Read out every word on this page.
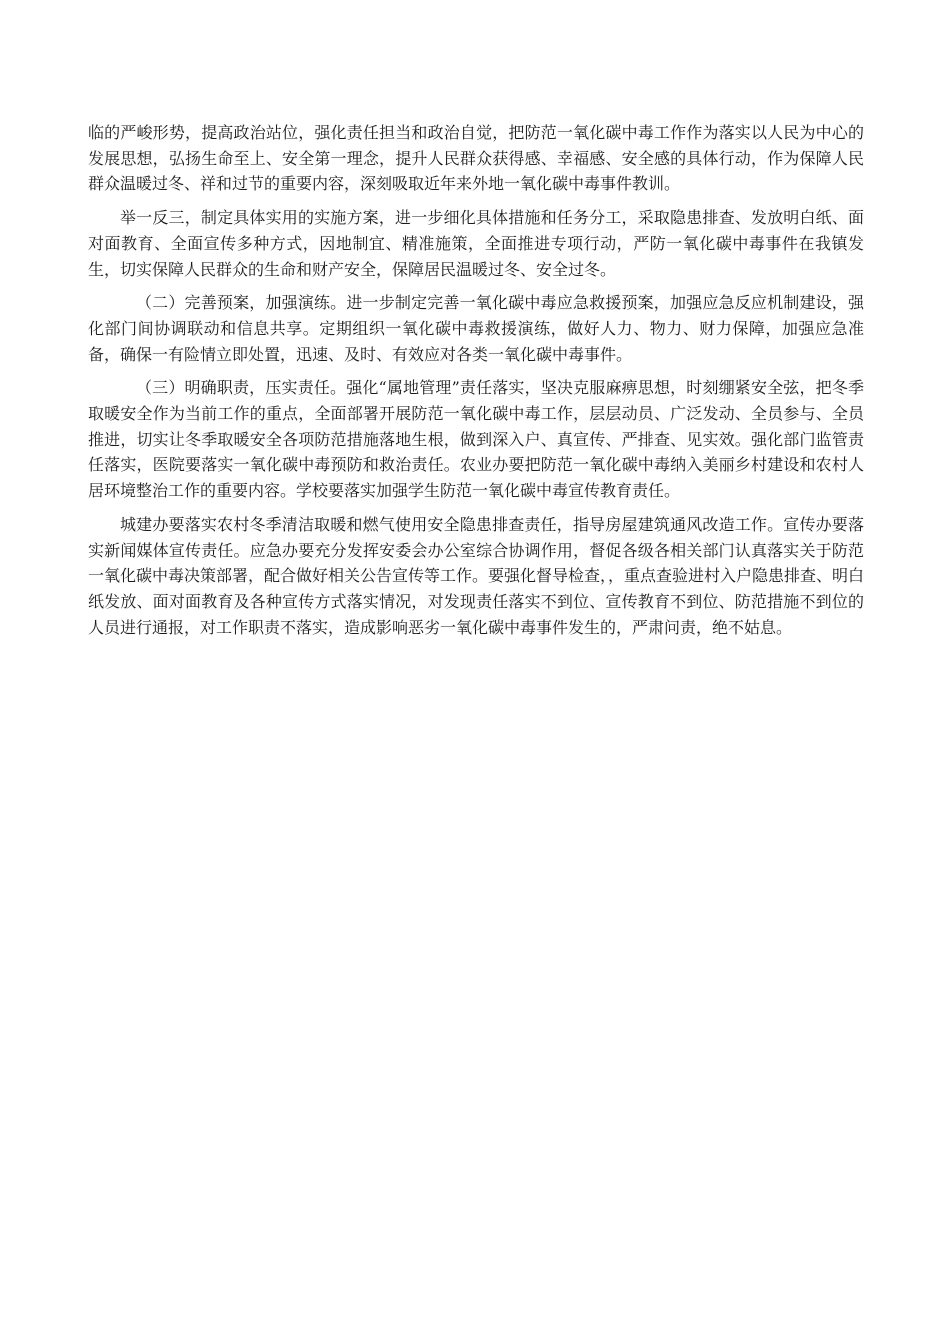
临的严峻形势，提高政治站位，强化责任担当和政治自觉，把防范一氧化碳中毒工作作为落实以人民为中心的发展思想，弘扬生命至上、安全第一理念，提升人民群众获得感、幸福感、安全感的具体行动，作为保障人民群众温暖过冬、祥和过节的重要内容，深刻吸取近年来外地一氧化碳中毒事件教训。

举一反三，制定具体实用的实施方案，进一步细化具体措施和任务分工，采取隐患排查、发放明白纸、面对面教育、全面宣传多种方式，因地制宜、精准施策，全面推进专项行动，严防一氧化碳中毒事件在我镇发生，切实保障人民群众的生命和财产安全，保障居民温暖过冬、安全过冬。

（二）完善预案，加强演练。进一步制定完善一氧化碳中毒应急救援预案，加强应急反应机制建设，强化部门间协调联动和信息共享。定期组织一氧化碳中毒救援演练，做好人力、物力、财力保障，加强应急准备，确保一有险情立即处置，迅速、及时、有效应对各类一氧化碳中毒事件。

（三）明确职责，压实责任。强化“属地管理”责任落实，坚决克服麻痹思想，时刻绷紧安全弦，把冬季取暖安全作为当前工作的重点，全面部署开展防范一氧化碳中毒工作，层层动员、广泛发动、全员参与、全员推进，切实让冬季取暖安全各项防范措施落地生根，做到深入户、真宣传、严排查、见实效。强化部门监管责任落实，医院要落实一氧化碳中毒预防和救治责任。农业办要把防范一氧化碳中毒纳入美丽乡村建设和农村人居环境整治工作的重要内容。学校要落实加强学生防范一氧化碳中毒宣传教育责任。

城建办要落实农村冬季清洁取暖和燃气使用安全隐患排查责任，指导房屋建筑通风改造工作。宣传办要落实新闻媒体宣传责任。应急办要充分发挥安委会办公室综合协调作用，督促各级各相关部门认真落实关于防范一氧化碳中毒决策部署，配合做好相关公告宣传等工作。要强化督导检查，，重点查验进村入户隐患排查、明白纸发放、面对面教育及各种宣传方式落实情况，对发现责任落实不到位、宣传教育不到位、防范措施不到位的人员进行通报，对工作职责不落实，造成影响恶劣一氧化碳中毒事件发生的，严肃问责，绝不姑息。
